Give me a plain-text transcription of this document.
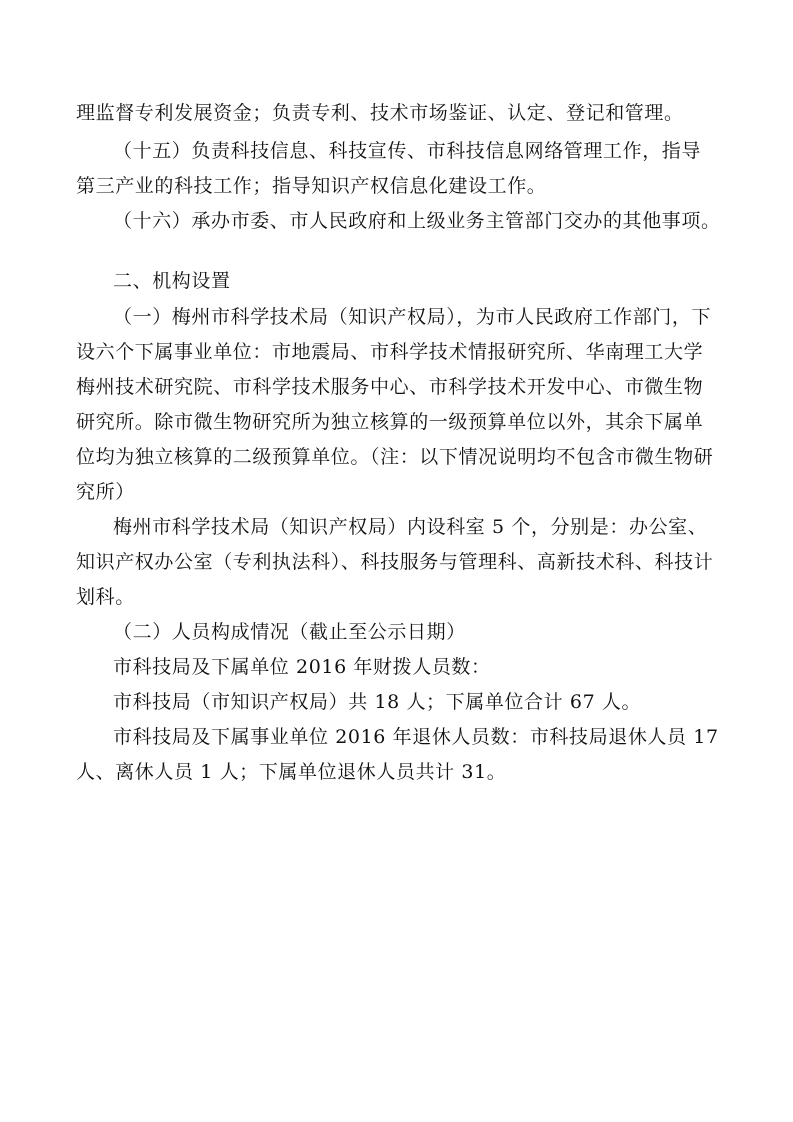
理监督专利发展资金；负责专利、技术市场鉴证、认定、登记和管理。
（十五）负责科技信息、科技宣传、市科技信息网络管理工作，指导
第三产业的科技工作；指导知识产权信息化建设工作。
（十六）承办市委、市人民政府和上级业务主管部门交办的其他事项。
二、机构设置
（一）梅州市科学技术局（知识产权局），为市人民政府工作部门，下
设六个下属事业单位：市地震局、市科学技术情报研究所、华南理工大学
梅州技术研究院、市科学技术服务中心、市科学技术开发中心、市微生物
研究所。除市微生物研究所为独立核算的一级预算单位以外，其余下属单
位均为独立核算的二级预算单位。（注：以下情况说明均不包含市微生物研
究所）
梅州市科学技术局（知识产权局）内设科室 5 个，分别是：办公室、
知识产权办公室（专利执法科）、科技服务与管理科、高新技术科、科技计
划科。
（二）人员构成情况（截止至公示日期）
市科技局及下属单位 2016 年财拨人员数：
市科技局（市知识产权局）共 18 人；下属单位合计 67 人。
市科技局及下属事业单位 2016 年退休人员数：市科技局退休人员 17
人、离休人员 1 人；下属单位退休人员共计 31。
